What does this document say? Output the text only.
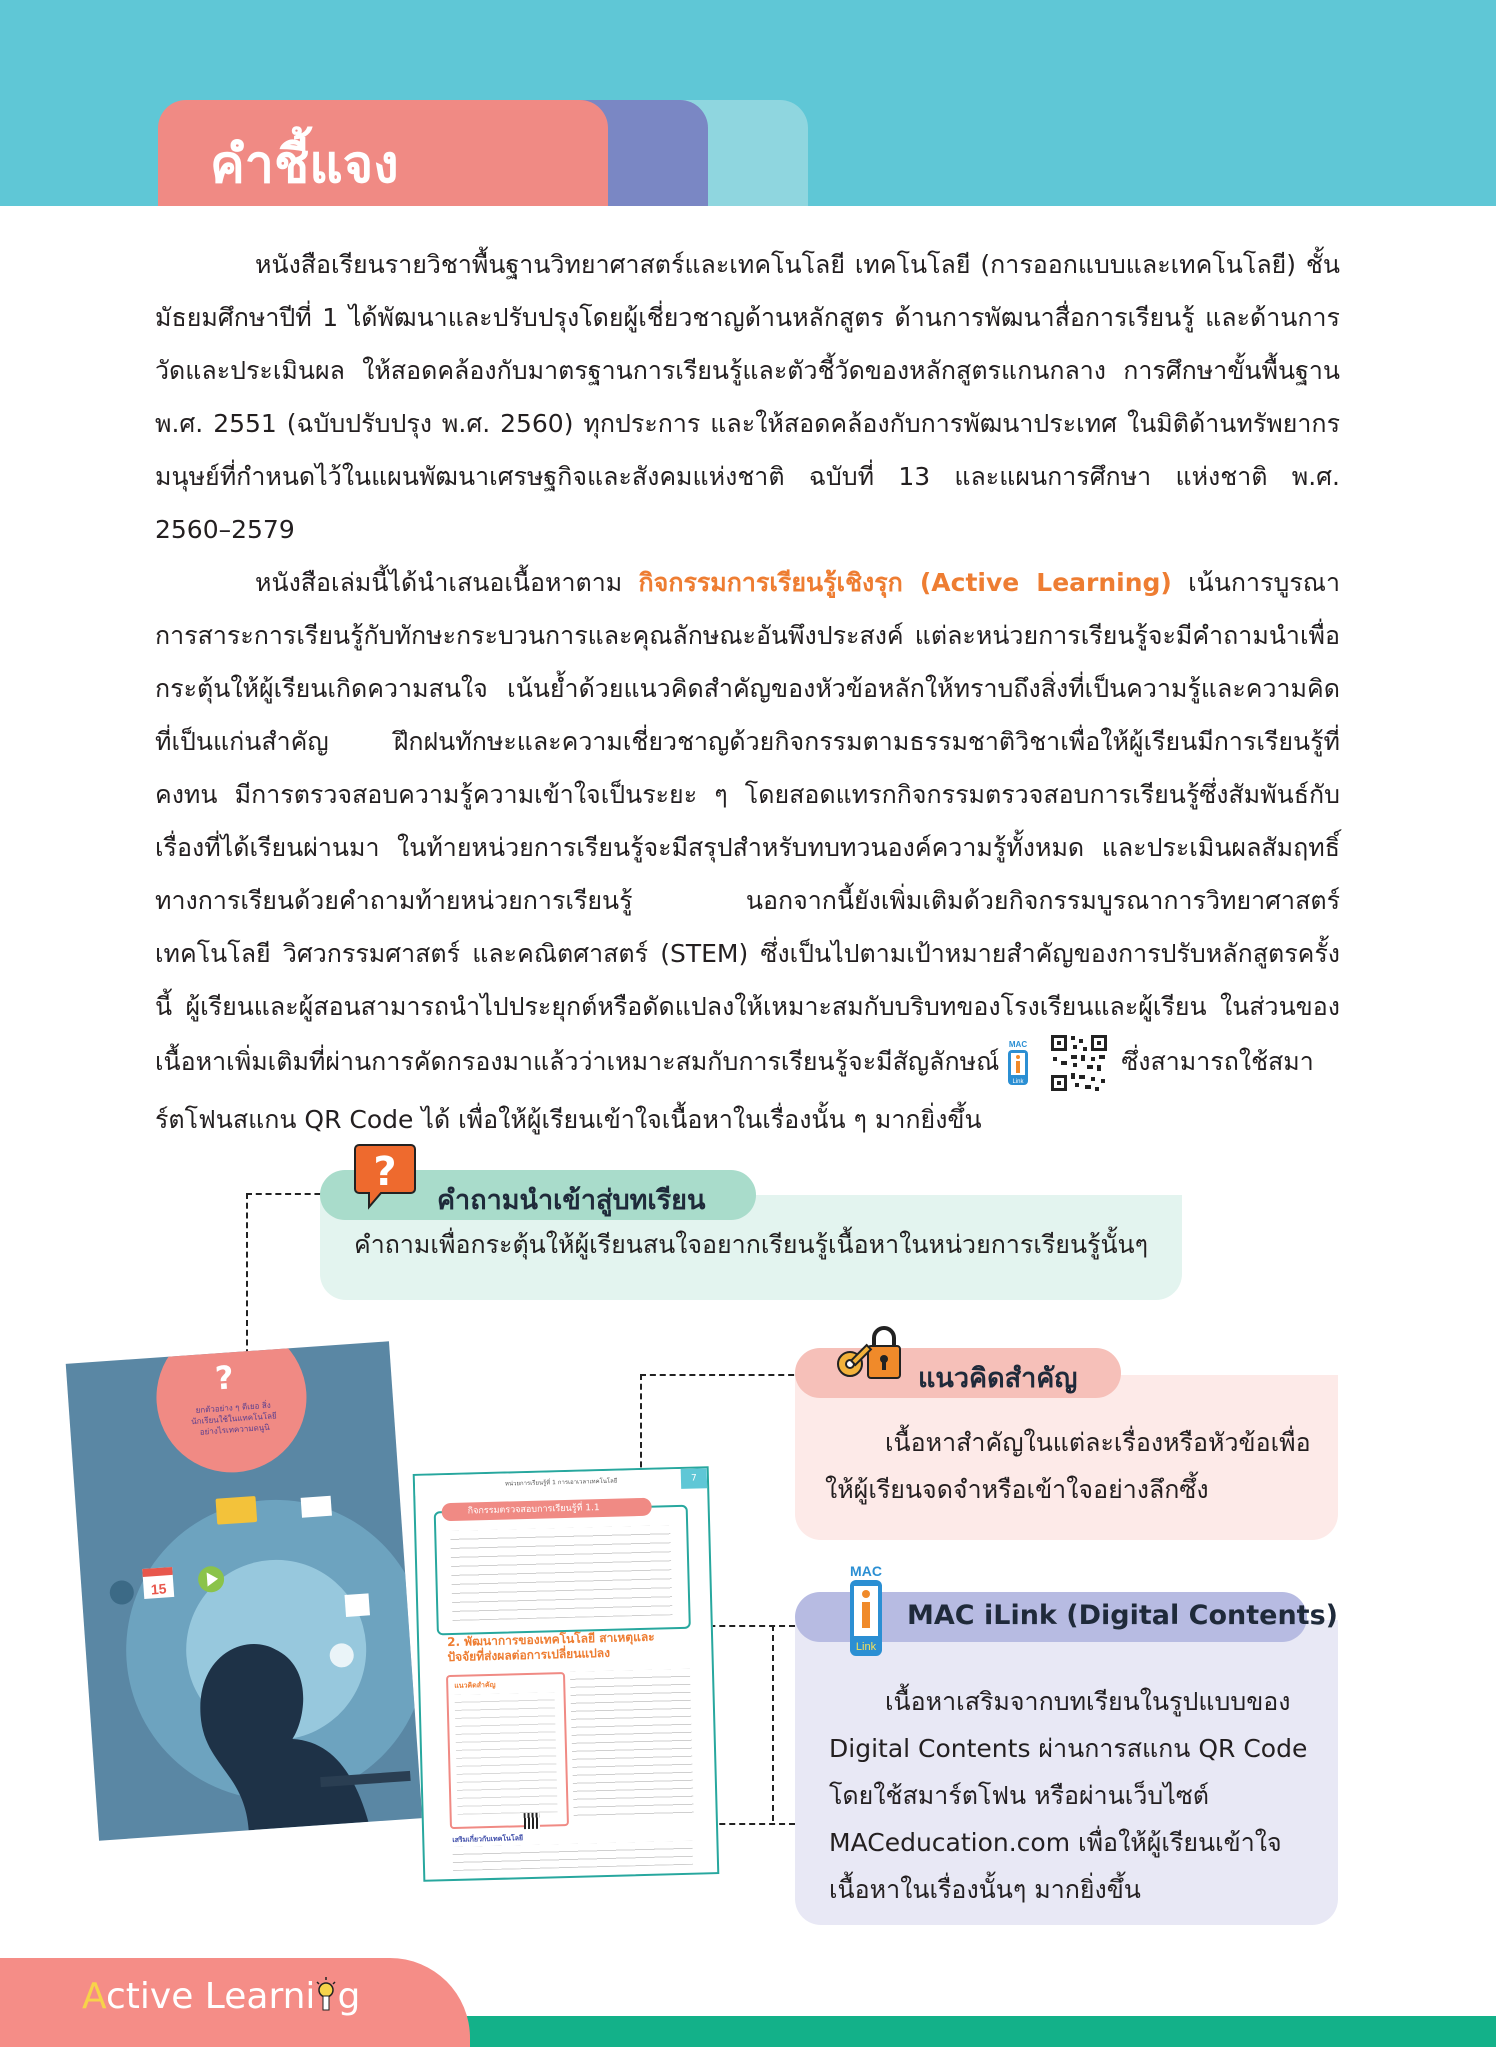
คำชี้แจง

หนังสือเรียนรายวิชาพื้นฐานวิทยาศาสตร์และเทคโนโลยี เทคโนโลยี (การออกแบบและเทคโนโลยี) ชั้นมัธยมศึกษาปีที่ 1 ได้พัฒนาและปรับปรุงโดยผู้เชี่ยวชาญด้านหลักสูตร ด้านการพัฒนาสื่อการเรียนรู้ และด้านการวัดและประเมินผล ให้สอดคล้องกับมาตรฐานการเรียนรู้และตัวชี้วัดของหลักสูตรแกนกลาง การศึกษาขั้นพื้นฐาน พ.ศ. 2551 (ฉบับปรับปรุง พ.ศ. 2560) ทุกประการ และให้สอดคล้องกับการพัฒนาประเทศ ในมิติด้านทรัพยากรมนุษย์ที่กำหนดไว้ในแผนพัฒนาเศรษฐกิจและสังคมแห่งชาติ ฉบับที่ 13 และแผนการศึกษา แห่งชาติ พ.ศ. 2560–2579

หนังสือเล่มนี้ได้นำเสนอเนื้อหาตาม กิจกรรมการเรียนรู้เชิงรุก (Active Learning) เน้นการบูรณาการสาระการเรียนรู้กับทักษะกระบวนการและคุณลักษณะอันพึงประสงค์ แต่ละหน่วยการเรียนรู้จะมีคำถามนำเพื่อกระตุ้นให้ผู้เรียนเกิดความสนใจ เน้นย้ำด้วยแนวคิดสำคัญของหัวข้อหลักให้ทราบถึงสิ่งที่เป็นความรู้และความคิดที่เป็นแก่นสำคัญ ฝึกฝนทักษะและความเชี่ยวชาญด้วยกิจกรรมตามธรรมชาติวิชาเพื่อให้ผู้เรียนมีการเรียนรู้ที่คงทน มีการตรวจสอบความรู้ความเข้าใจเป็นระยะ ๆ โดยสอดแทรกกิจกรรมตรวจสอบการเรียนรู้ซึ่งสัมพันธ์กับเรื่องที่ได้เรียนผ่านมา ในท้ายหน่วยการเรียนรู้จะมีสรุปสำหรับทบทวนองค์ความรู้ทั้งหมด และประเมินผลสัมฤทธิ์ทางการเรียนด้วยคำถามท้ายหน่วยการเรียนรู้ นอกจากนี้ยังเพิ่มเติมด้วยกิจกรรมบูรณาการวิทยาศาสตร์ เทคโนโลยี วิศวกรรมศาสตร์ และคณิตศาสตร์ (STEM) ซึ่งเป็นไปตามเป้าหมายสำคัญของการปรับหลักสูตรครั้งนี้ ผู้เรียนและผู้สอนสามารถนำไปประยุกต์หรือดัดแปลงให้เหมาะสมกับบริบทของโรงเรียนและผู้เรียน ในส่วนของเนื้อหาเพิ่มเติมที่ผ่านการคัดกรองมาแล้วว่าเหมาะสมกับการเรียนรู้จะมีสัญลักษณ์
MAC
Link
ซึ่งสามารถใช้สมาร์ตโฟนสแกน QR Code ได้ เพื่อให้ผู้เรียนเข้าใจเนื้อหาในเรื่องนั้น ๆ มากยิ่งขึ้น

คำถามเพื่อกระตุ้นให้ผู้เรียนสนใจอยากเรียนรู้เนื้อหาในหน่วยการเรียนรู้นั้นๆ
คำถามนำเข้าสู่บทเรียน
?
เนื้อหาสำคัญในแต่ละเรื่องหรือหัวข้อเพื่อให้ผู้เรียนจดจำหรือเข้าใจอย่างลึกซึ้ง
แนวคิดสำคัญ
เนื้อหาเสริมจากบทเรียนในรูปแบบของ Digital Contents ผ่านการสแกน QR Code โดยใช้สมาร์ตโฟน หรือผ่านเว็บไซต์ MACeducation.com เพื่อให้ผู้เรียนเข้าใจเนื้อหาในเรื่องนั้นๆ มากยิ่งขึ้น
MAC iLink (Digital Contents)
MAC
Link
?
ยกตัวอย่าง ๆ ดีเยอ สิ่งนักเรียนใช้ในแทคโนโลยีอย่างไรเทความดนูนิ
15
หน่วยการเรียนรู้ที่ 1 การเอาเวลาเทคโนโลยี	7
กิจกรรมตรวจสอบการเรียนรู้ที่ 1.1
2. พัฒนาการของเทคโนโลยี สาเหตุและปัจจัยที่ส่งผลต่อการเปลี่ยนแปลง
แนวคิดสำคัญ
เสริมเกี่ยวกับเทคโนโลยี
Active Learni g
